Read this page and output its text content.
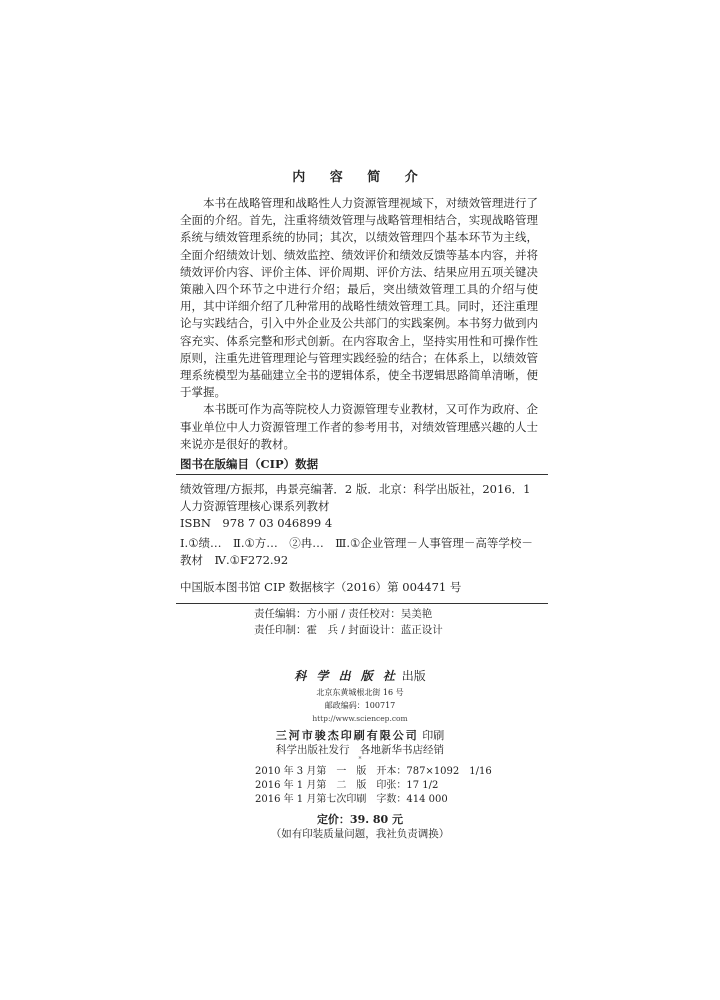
内 容 简 介

本书在战略管理和战略性人力资源管理视域下，对绩效管理进行了全面的介绍。首先，注重将绩效管理与战略管理相结合，实现战略管理系统与绩效管理系统的协同；其次，以绩效管理四个基本环节为主线，全面介绍绩效计划、绩效监控、绩效评价和绩效反馈等基本内容，并将绩效评价内容、评价主体、评价周期、评价方法、结果应用五项关键决策融入四个环节之中进行介绍；最后，突出绩效管理工具的介绍与使用，其中详细介绍了几种常用的战略性绩效管理工具。同时，还注重理论与实践结合，引入中外企业及公共部门的实践案例。本书努力做到内容充实、体系完整和形式创新。在内容取舍上，坚持实用性和可操作性原则，注重先进管理理论与管理实践经验的结合；在体系上，以绩效管理系统模型为基础建立全书的逻辑体系，使全书逻辑思路简单清晰，便于掌握。

本书既可作为高等院校人力资源管理专业教材，又可作为政府、企事业单位中人力资源管理工作者的参考用书，对绩效管理感兴趣的人士来说亦是很好的教材。

图书在版编目（CIP）数据
绩效管理/方振邦，冉景亮编著．2 版．北京：科学出版社，2016．1
人力资源管理核心课系列教材
ISBN　978 7 03 046899 4
Ⅰ.①绩…　Ⅱ.①方…　②冉…　Ⅲ.①企业管理－人事管理－高等学校－
教材　Ⅳ.①F272.92
中国版本图书馆 CIP 数据核字（2016）第 004471 号
责任编辑：方小丽 / 责任校对：吴美艳
责任印制：霍　兵 / 封面设计：蓝正设计
科 学 出 版 社 出版
北京东黄城根北街 16 号
邮政编码：100717
http://www.sciencep.com
三河市骏杰印刷有限公司 印刷
科学出版社发行　各地新华书店经销
*
2010 年 3 月第　一　版　开本：787×1092　1/16
2016 年 1 月第　二　版　印张：17 1/2
2016 年 1 月第七次印刷　字数：414 000
定价：39. 80 元
（如有印装质量问题，我社负责调换）
